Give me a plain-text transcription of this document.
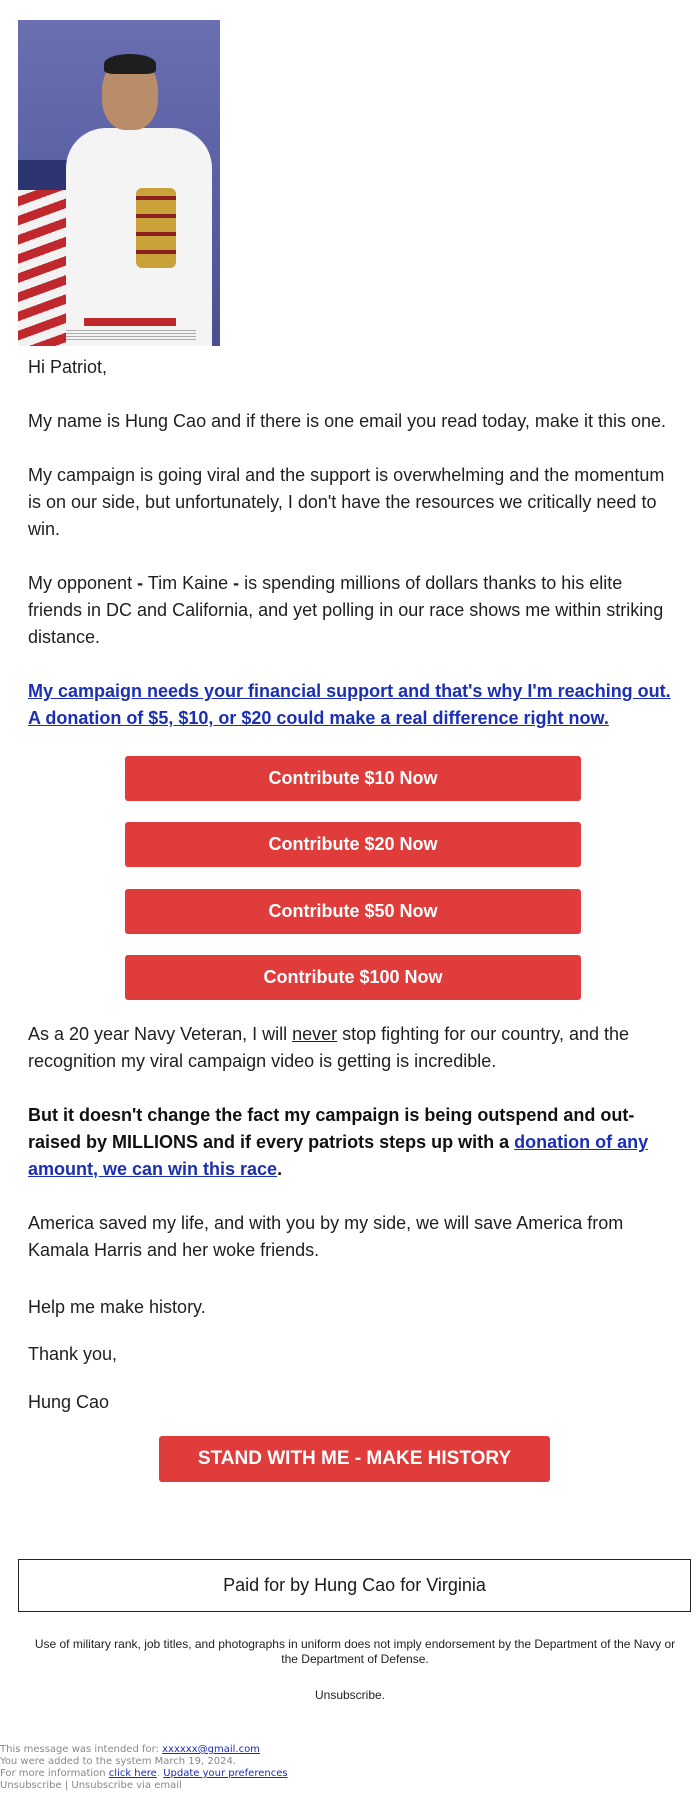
Hi Patriot,

My name is Hung Cao and if there is one email you read today, make it this one.

My campaign is going viral and the support is overwhelming and the momentum is on our side, but unfortunately, I don't have the resources we critically need to win.

My opponent - Tim Kaine - is spending millions of dollars thanks to his elite friends in DC and California, and yet polling in our race shows me within striking distance.

My campaign needs your financial support and that's why I'm reaching out. A donation of $5, $10, or $20 could make a real difference right now.

Contribute $10 Now
Contribute $20 Now
Contribute $50 Now
Contribute $100 Now

As a 20 year Navy Veteran, I will never stop fighting for our country, and the recognition my viral campaign video is getting is incredible.

But it doesn't change the fact my campaign is being outspend and out-raised by MILLIONS and if every patriots steps up with a donation of any amount, we can win this race.

America saved my life, and with you by my side, we will save America from Kamala Harris and her woke friends.

Help me make history.

Thank you,

Hung Cao

STAND WITH ME - MAKE HISTORY
Paid for by Hung Cao for Virginia

Use of military rank, job titles, and photographs in uniform does not imply endorsement by the Department of the Navy or the Department of Defense.

Unsubscribe.

This message was intended for: xxxxxx@gmail.com
You were added to the system March 19, 2024.
For more information click here. Update your preferences
Unsubscribe | Unsubscribe via email
